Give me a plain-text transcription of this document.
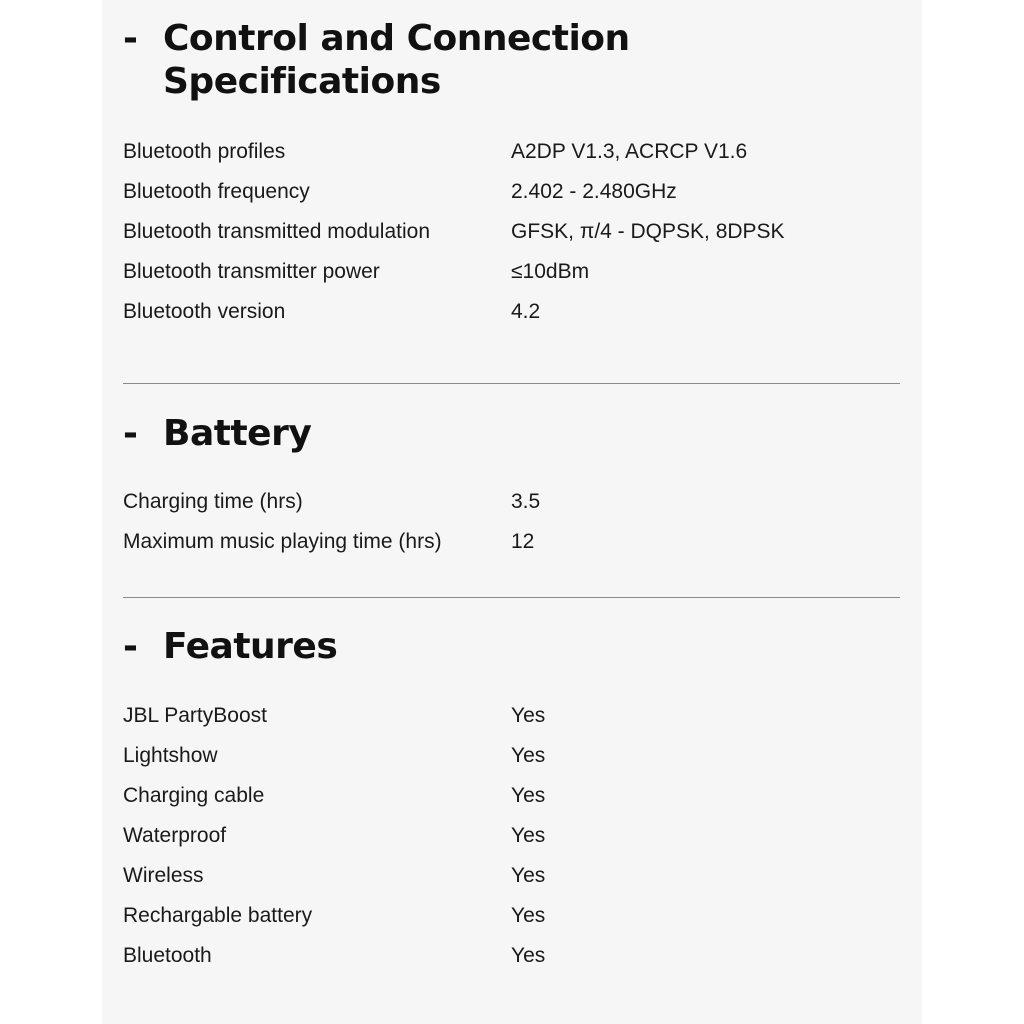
- Control and Connection Specifications
Bluetooth profiles	A2DP V1.3, ACRCP V1.6
Bluetooth frequency	2.402 - 2.480GHz
Bluetooth transmitted modulation	GFSK, π/4 - DQPSK, 8DPSK
Bluetooth transmitter power	≤10dBm
Bluetooth version	4.2
- Battery
Charging time (hrs)	3.5
Maximum music playing time (hrs)	12
- Features
JBL PartyBoost	Yes
Lightshow	Yes
Charging cable	Yes
Waterproof	Yes
Wireless	Yes
Rechargable battery	Yes
Bluetooth	Yes
